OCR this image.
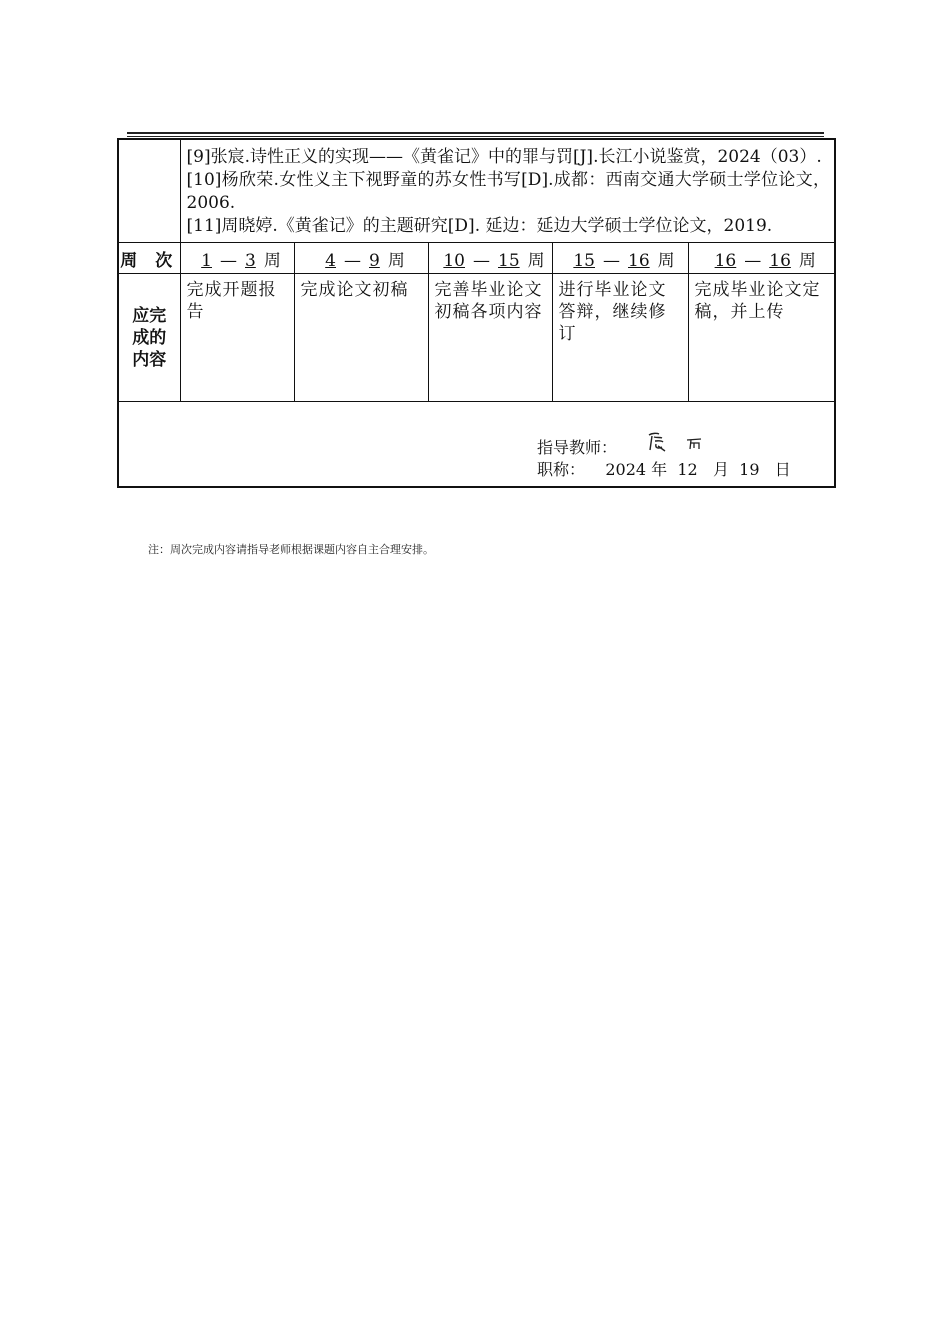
	[9]张宸.诗性正义的实现——《黄雀记》中的罪与罚[J].长江小说鉴赏，2024（03）.
[10]杨欣荣.女性义主下视野童的苏女性书写[D].成都：西南交通大学硕士学位论文，2006.
[11]周晓婷.《黄雀记》的主题研究[D]. 延边：延边大学硕士学位论文，2019.				

周 次	1 — 3 周	4 — 9 周	10 — 15 周	15 — 16 周	16 — 16 周

应完
成的
内容	完成开题报告	完成论文初稿	完善毕业论文初稿各项内容	进行毕业论文答辩，继续修订	完成毕业论文定稿，并上传

指导教师：
职称： 2024 年 12 月 19 日					
注：周次完成内容请指导老师根据课题内容自主合理安排。
